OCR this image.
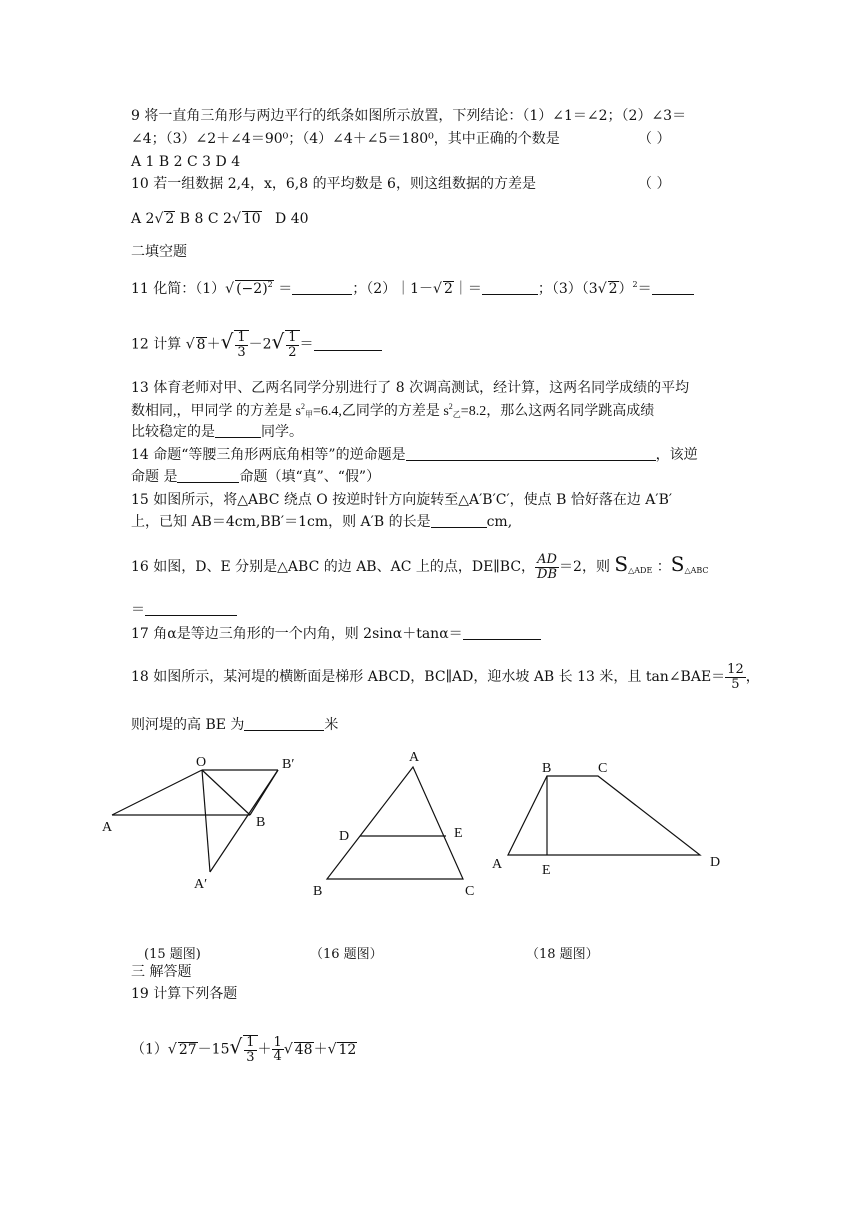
9 将一直角三角形与两边平行的纸条如图所示放置，下列结论：（1）∠1＝∠2；（2）∠3＝
∠4；（3）∠2＋∠4＝90⁰；（4）∠4＋∠5＝180⁰，其中正确的个数是	（ ）
A 1 B 2 C 3 D 4
10 若一组数据 2,4，x，6,8 的平均数是 6，则这组数据的方差是	（ ）
A 2√ 2 B 8 C 2√ 10 D 40
二填空题
11 化简：（1）√ $(-2)^2$ ＝	；（2）｜1－√ 2｜＝	；（3）（3√ 2）$^2$＝
12 计算 √ $8+√ \frac{1}{3} -2√ \frac{1}{2}$ ＝
13 体育老师对甲、乙两名同学分别进行了 8 次调高测试，经计算，这两名同学成绩的平均
数相同,，甲同学 的方差是 $s^2_甲=6.4$,乙同学的方差是 $s^2_乙=8.2$，那么这两名同学跳高成绩
比较稳定的是	同学。
14 命题“等腰三角形两底角相等”的逆命题是	，该逆
命题 是	命题（填“真”、“假”）
15 如图所示，将△ABC 绕点 O 按逆时针方向旋转至△A′B′C′，使点 B 恰好落在边 A′B′
上，已知 AB＝4cm,BB′＝1cm，则 A′B 的长是	cm,
16 如图，D、E 分别是△ABC 的边 AB、AC 上的点，DE∥BC， $\frac{AD}{DB} =2$，则 $S_{\triangle ADE}$ ：$S_{\triangle ABC}$
＝
17 角α是等边三角形的一个内角，则 2sinα＋tanα＝
18 如图所示，某河堤的横断面是梯形 ABCD，BC∥AD，迎水坡 AB 长 13 米，且 tan∠BAE＝ $\frac{12}{5}$ ，
则河堤的高 BE 为	米
O	B′
A	B
A′
A
D	E
B	C
B	C
A	E
D
(15 题图)	（16 题图）	（18 题图）
三 解答题
19 计算下列各题
（1）√ $27-15√ \frac{1}{3} + \frac{1}{4}$ √ 48＋√ 12
